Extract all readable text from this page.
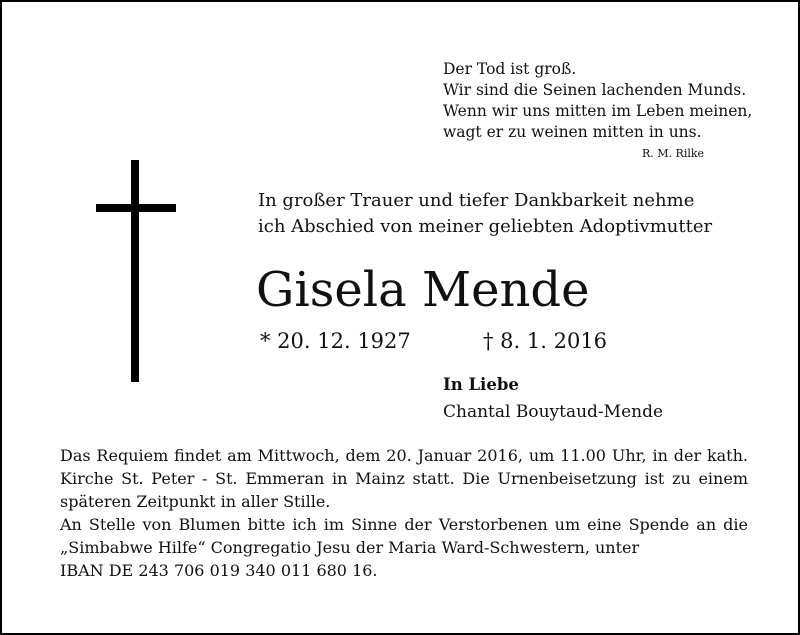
Der Tod ist groß.
Wir sind die Seinen lachenden Munds.
Wenn wir uns mitten im Leben meinen,
wagt er zu weinen mitten in uns.
R. M. Rilke
In großer Trauer und tiefer Dankbarkeit nehme
ich Abschied von meiner geliebten Adoptivmutter
Gisela Mende
* 20. 12. 1927	† 8. 1. 2016
In Liebe
Chantal Bouytaud-Mende
Das Requiem findet am Mittwoch, dem 20. Januar 2016, um 11.00 Uhr, in der kath.
Kirche St. Peter - St. Emmeran in Mainz statt. Die Urnenbeisetzung ist zu einem
späteren Zeitpunkt in aller Stille.
An Stelle von Blumen bitte ich im Sinne der Verstorbenen um eine Spende an die
„Simbabwe Hilfe“ Congregatio Jesu der Maria Ward-Schwestern, unter
IBAN DE 243 706 019 340 011 680 16.
